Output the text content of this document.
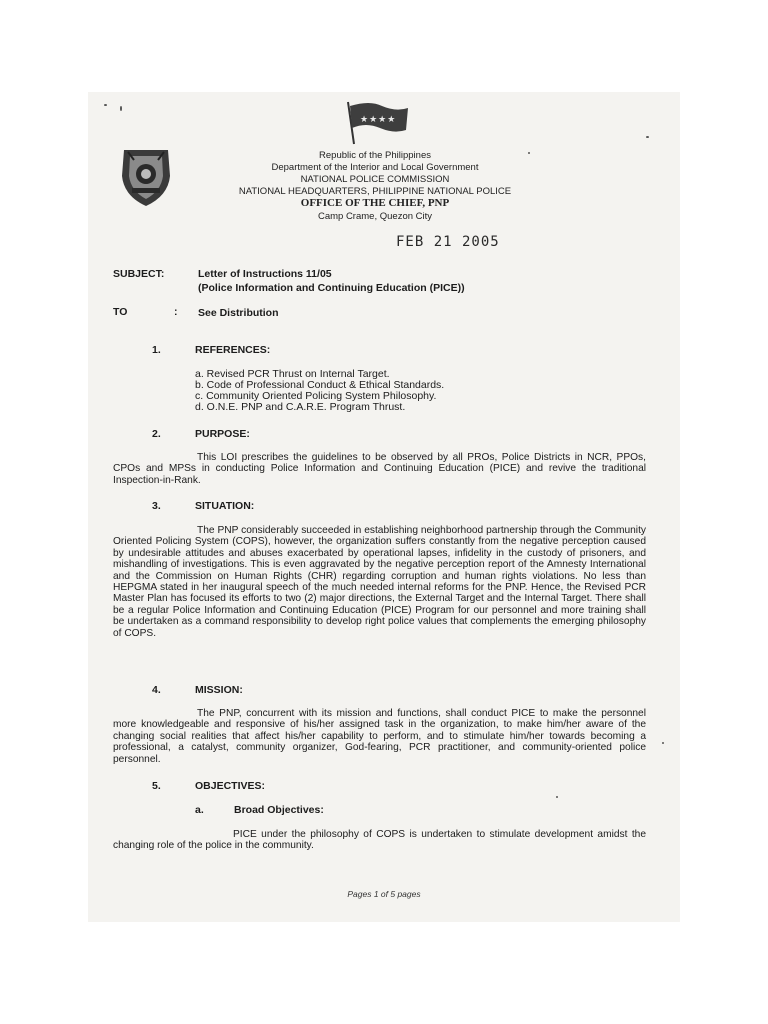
★★★★
Republic of the Philippines
Department of the Interior and Local Government
NATIONAL POLICE COMMISSION
NATIONAL HEADQUARTERS, PHILIPPINE NATIONAL POLICE
OFFICE OF THE CHIEF, PNP
Camp Crame, Quezon City
FEB 21 2005
SUBJECT:	Letter of Instructions 11/05
(Police Information and Continuing Education (PICE))
TO	: See Distribution
1.	REFERENCES:
a. Revised PCR Thrust on Internal Target.
b. Code of Professional Conduct & Ethical Standards.
c. Community Oriented Policing System Philosophy.
d. O.N.E. PNP and C.A.R.E. Program Thrust.
2.	PURPOSE:
This LOI prescribes the guidelines to be observed by all PROs, Police Districts in NCR, PPOs, CPOs and MPSs in conducting Police Information and Continuing Education (PICE) and revive the traditional Inspection-in-Rank.
3.	SITUATION:
The PNP considerably succeeded in establishing neighborhood partnership through the Community Oriented Policing System (COPS), however, the organization suffers constantly from the negative perception caused by undesirable attitudes and abuses exacerbated by operational lapses, infidelity in the custody of prisoners, and mishandling of investigations. This is even aggravated by the negative perception report of the Amnesty International and the Commission on Human Rights (CHR) regarding corruption and human rights violations. No less than HEPGMA stated in her inaugural speech of the much needed internal reforms for the PNP. Hence, the Revised PCR Master Plan has focused its efforts to two (2) major directions, the External Target and the Internal Target. There shall be a regular Police Information and Continuing Education (PICE) Program for our personnel and more training shall be undertaken as a command responsibility to develop right police values that complements the emerging philosophy of COPS.
4.	MISSION:
The PNP, concurrent with its mission and functions, shall conduct PICE to make the personnel more knowledgeable and responsive of his/her assigned task in the organization, to make him/her aware of the changing social realities that affect his/her capability to perform, and to stimulate him/her towards becoming a professional, a catalyst, community organizer, God-fearing, PCR practitioner, and community-oriented police personnel.
5.	OBJECTIVES:
a.	Broad Objectives:
PICE under the philosophy of COPS is undertaken to stimulate development amidst the changing role of the police in the community.
Pages 1 of 5 pages
